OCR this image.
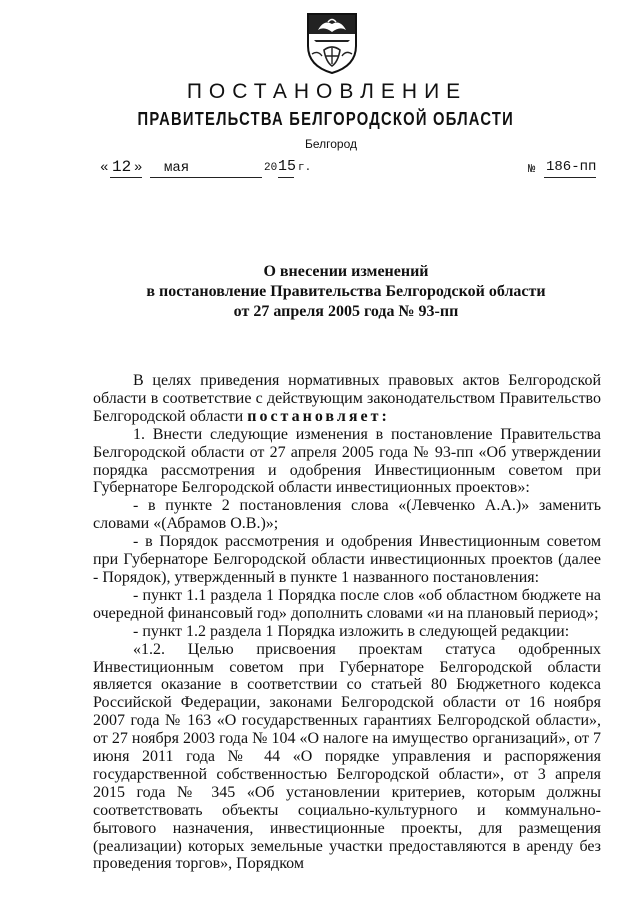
ПОСТАНОВЛЕНИЕ
ПРАВИТЕЛЬСТВА БЕЛГОРОДСКОЙ ОБЛАСТИ
Белгород
« 12 » мая	20 15 г.	№ 186-пп
О внесении изменений
в постановление Правительства Белгородской области
от 27 апреля 2005 года № 93-пп

В целях приведения нормативных правовых актов Белгородской области в соответствие с действующим законодательством Правительство Белгородской области постановляет:

1. Внести следующие изменения в постановление Правительства Белгородской области от 27 апреля 2005 года № 93-пп «Об утверждении порядка рассмотрения и одобрения Инвестиционным советом при Губернаторе Белгородской области инвестиционных проектов»:

- в пункте 2 постановления слова «(Левченко А.А.)» заменить словами «(Абрамов О.В.)»;

- в Порядок рассмотрения и одобрения Инвестиционным советом при Губернаторе Белгородской области инвестиционных проектов (далее - Порядок), утвержденный в пункте 1 названного постановления:

- пункт 1.1 раздела 1 Порядка после слов «об областном бюджете на очередной финансовый год» дополнить словами «и на плановый период»;

- пункт 1.2 раздела 1 Порядка изложить в следующей редакции:

«1.2. Целью присвоения проектам статуса одобренных Инвестиционным советом при Губернаторе Белгородской области является оказание в соответствии со статьей 80 Бюджетного кодекса Российской Федерации, законами Белгородской области от 16 ноября 2007 года № 163 «О государственных гарантиях Белгородской области», от 27 ноября 2003 года № 104 «О налоге на имущество организаций», от 7 июня 2011 года № 44 «О порядке управления и распоряжения государственной собственностью Белгородской области», от 3 апреля 2015 года № 345 «Об установлении критериев, которым должны соответствовать объекты социально-культурного и коммунально-бытового назначения, инвестиционные проекты, для размещения (реализации) которых земельные участки предоставляются в аренду без проведения торгов», Порядком
